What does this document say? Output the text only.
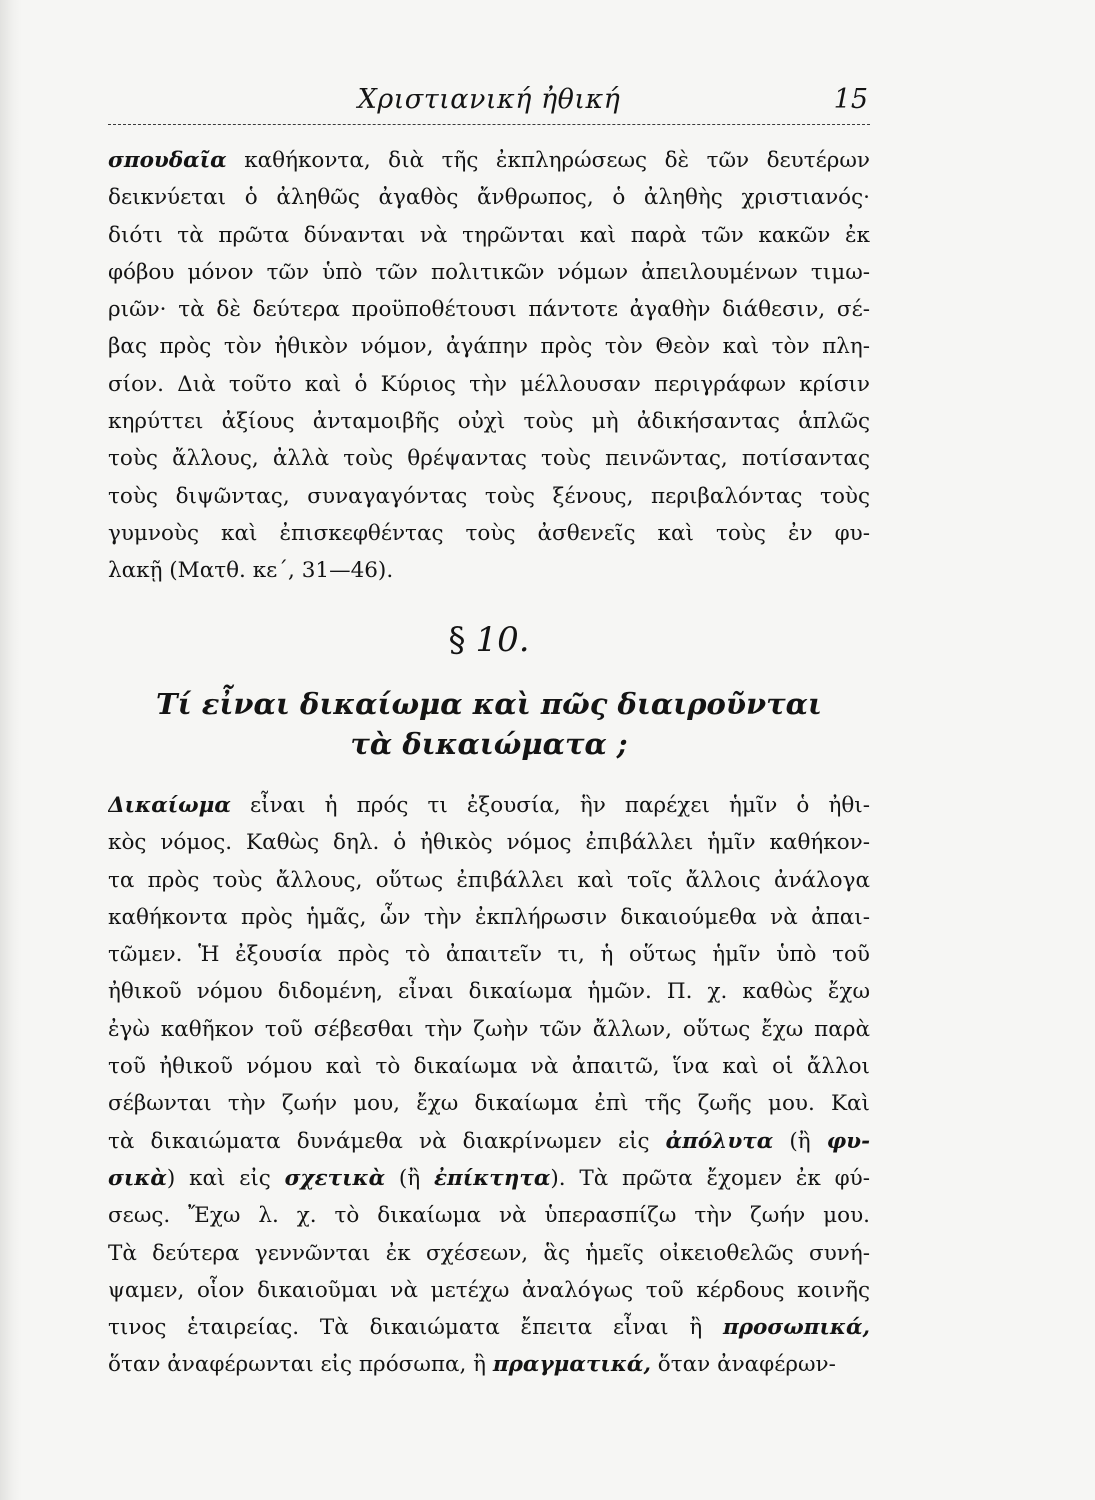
Χριστιανική ἠθική	15
σπουδαῖα καθήκοντα, διὰ τῆς ἐκπληρώσεως δὲ τῶν δευτέρων
δεικνύεται ὁ ἀληθῶς ἀγαθὸς ἄνθρωπος, ὁ ἀληθὴς χριστιανός·
διότι τὰ πρῶτα δύνανται νὰ τηρῶνται καὶ παρὰ τῶν κακῶν ἐκ
φόβου μόνον τῶν ὑπὸ τῶν πολιτικῶν νόμων ἀπειλουμένων τιμω-
ριῶν· τὰ δὲ δεύτερα προϋποθέτουσι πάντοτε ἀγαθὴν διάθεσιν, σέ-
βας πρὸς τὸν ἠθικὸν νόμον, ἀγάπην πρὸς τὸν Θεὸν καὶ τὸν πλη-
σίον. Διὰ τοῦτο καὶ ὁ Κύριος τὴν μέλλουσαν περιγράφων κρίσιν
κηρύττει ἀξίους ἀνταμοιβῆς οὐχὶ τοὺς μὴ ἀδικήσαντας ἁπλῶς
τοὺς ἄλλους, ἀλλὰ τοὺς θρέψαντας τοὺς πεινῶντας, ποτίσαντας
τοὺς διψῶντας, συναγαγόντας τοὺς ξένους, περιβαλόντας τοὺς
γυμνοὺς καὶ ἐπισκεφθέντας τοὺς ἀσθενεῖς καὶ τοὺς ἐν φυ-
λακῇ (Ματθ. κε΄, 31—46).
§ 10.
Τί εἶναι δικαίωμα καὶ πῶς διαιροῦνται
τὰ δικαιώματα ;
Δικαίωμα εἶναι ἡ πρός τι ἐξουσία, ἣν παρέχει ἡμῖν ὁ ἠθι-
κὸς νόμος. Καθὼς δηλ. ὁ ἠθικὸς νόμος ἐπιβάλλει ἡμῖν καθήκον-
τα πρὸς τοὺς ἄλλους, οὕτως ἐπιβάλλει καὶ τοῖς ἄλλοις ἀνάλογα
καθήκοντα πρὸς ἡμᾶς, ὧν τὴν ἐκπλήρωσιν δικαιούμεθα νὰ ἀπαι-
τῶμεν. Ἡ ἐξουσία πρὸς τὸ ἀπαιτεῖν τι, ἡ οὕτως ἡμῖν ὑπὸ τοῦ
ἠθικοῦ νόμου διδομένη, εἶναι δικαίωμα ἡμῶν. Π. χ. καθὼς ἔχω
ἐγὼ καθῆκον τοῦ σέβεσθαι τὴν ζωὴν τῶν ἄλλων, οὕτως ἔχω παρὰ
τοῦ ἠθικοῦ νόμου καὶ τὸ δικαίωμα νὰ ἀπαιτῶ, ἵνα καὶ οἱ ἄλλοι
σέβωνται τὴν ζωήν μου, ἔχω δικαίωμα ἐπὶ τῆς ζωῆς μου. Καὶ
τὰ δικαιώματα δυνάμεθα νὰ διακρίνωμεν εἰς ἀπόλυτα (ἢ φυ-
σικὰ) καὶ εἰς σχετικὰ (ἢ ἐπίκτητα). Τὰ πρῶτα ἔχομεν ἐκ φύ-
σεως. Ἔχω λ. χ. τὸ δικαίωμα νὰ ὑπερασπίζω τὴν ζωήν μου.
Τὰ δεύτερα γεννῶνται ἐκ σχέσεων, ἃς ἡμεῖς οἰκειοθελῶς συνή-
ψαμεν, οἷον δικαιοῦμαι νὰ μετέχω ἀναλόγως τοῦ κέρδους κοινῆς
τινος ἑταιρείας. Τὰ δικαιώματα ἔπειτα εἶναι ἢ προσωπικά,
ὅταν ἀναφέρωνται εἰς πρόσωπα, ἢ πραγματικά, ὅταν ἀναφέρων-
